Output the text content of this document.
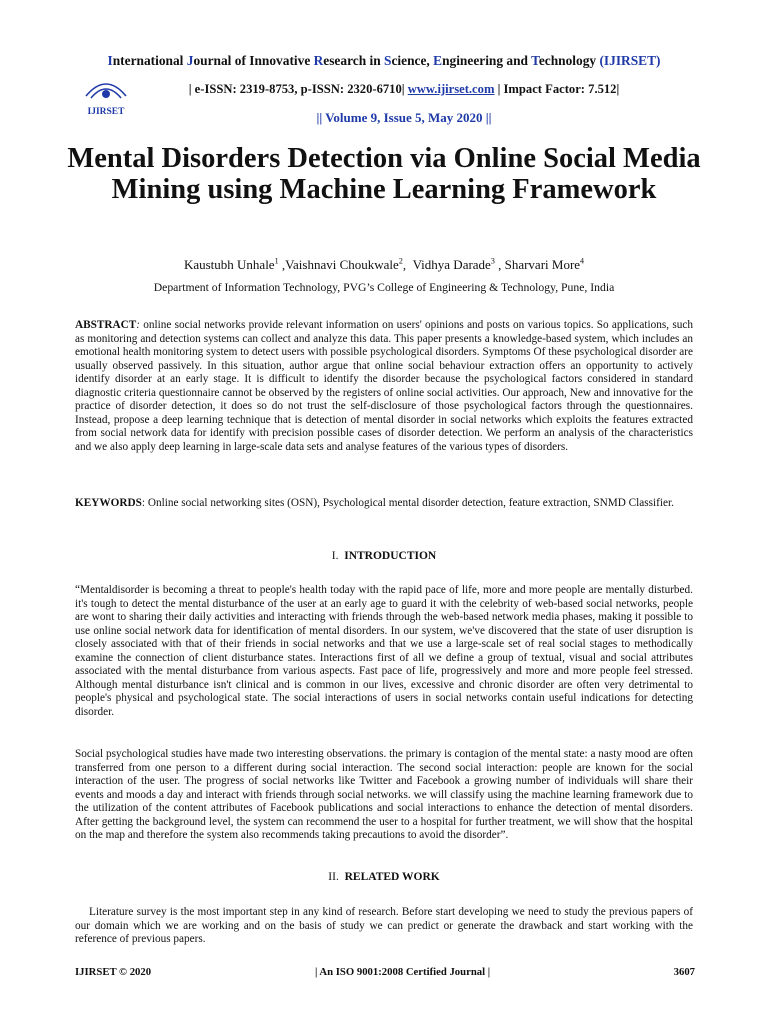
International Journal of Innovative Research in Science, Engineering and Technology (IJIRSET)
IJIRSET
| e-ISSN: 2319-8753, p-ISSN: 2320-6710| www.ijirset.com | Impact Factor: 7.512|
|| Volume 9, Issue 5, May 2020 ||
Mental Disorders Detection via Online Social Media Mining using Machine Learning Framework
Kaustubh Unhale$^1$ ,Vaishnavi Choukwale$^2$,  Vidhya Darade$^3$ , Sharvari More$^4$
Department of Information Technology, PVG’s College of Engineering & Technology, Pune, India

ABSTRACT: online social networks provide relevant information on users' opinions and posts on various topics. So applications, such as monitoring and detection systems can collect and analyze this data. This paper presents a knowledge-based system, which includes an emotional health monitoring system to detect users with possible psychological disorders. Symptoms Of these psychological disorder are usually observed passively. In this situation, author argue that online social behaviour extraction offers an opportunity to actively identify disorder at an early stage. It is difficult to identify the disorder because the psychological factors considered in standard diagnostic criteria questionnaire cannot be observed by the registers of online social activities. Our approach, New and innovative for the practice of disorder detection, it does so do not trust the self-disclosure of those psychological factors through the questionnaires. Instead, propose a deep learning technique that is detection of mental disorder in social networks which exploits the features extracted from social network data for identify with precision possible cases of disorder detection. We perform an analysis of the characteristics and we also apply deep learning in large-scale data sets and analyse features of the various types of disorders.

KEYWORDS: Online social networking sites (OSN), Psychological mental disorder detection, feature extraction, SNMD Classifier.

I. INTRODUCTION

“Mentaldisorder is becoming a threat to people's health today with the rapid pace of life, more and more people are mentally disturbed. it's tough to detect the mental disturbance of the user at an early age to guard it with the celebrity of web-based social networks, people are wont to sharing their daily activities and interacting with friends through the web-based network media phases, making it possible to use online social network data for identification of mental disorders. In our system, we've discovered that the state of user disruption is closely associated with that of their friends in social networks and that we use a large-scale set of real social stages to methodically examine the connection of client disturbance states. Interactions first of all we define a group of textual, visual and social attributes associated with the mental disturbance from various aspects. Fast pace of life, progressively and more and more people feel stressed. Although mental disturbance isn't clinical and is common in our lives, excessive and chronic disorder are often very detrimental to people's physical and psychological state. The social interactions of users in social networks contain useful indications for detecting disorder.

Social psychological studies have made two interesting observations. the primary is contagion of the mental state: a nasty mood are often transferred from one person to a different during social interaction. The second social interaction: people are known for the social interaction of the user. The progress of social networks like Twitter and Facebook a growing number of individuals will share their events and moods a day and interact with friends through social networks. we will classify using the machine learning framework due to the utilization of the content attributes of Facebook publications and social interactions to enhance the detection of mental disorders. After getting the background level, the system can recommend the user to a hospital for further treatment, we will show that the hospital on the map and therefore the system also recommends taking precautions to avoid the disorder”.

II. RELATED WORK

Literature survey is the most important step in any kind of research. Before start developing we need to study the previous papers of our domain which we are working and on the basis of study we can predict or generate the drawback and start working with the reference of previous papers.

IJIRSET © 2020	| An ISO 9001:2008 Certified Journal |	3607
